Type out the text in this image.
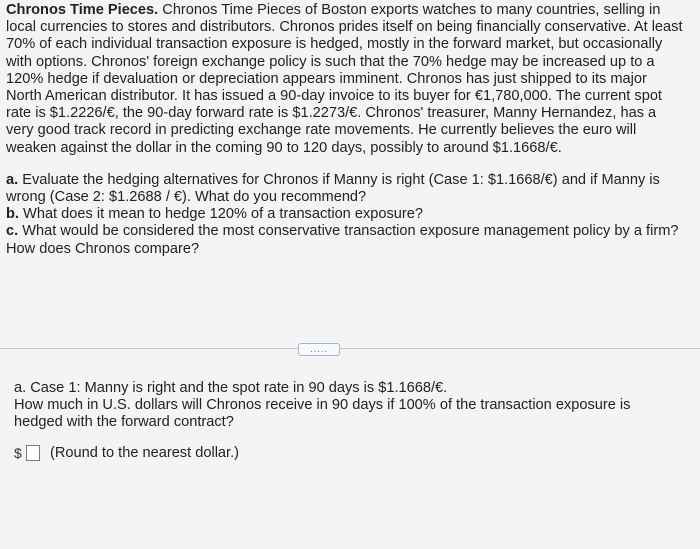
Chronos Time Pieces. Chronos Time Pieces of Boston exports watches to many countries, selling in local currencies to stores and distributors. Chronos prides itself on being financially conservative. At least 70% of each individual transaction exposure is hedged, mostly in the forward market, but occasionally with options. Chronos' foreign exchange policy is such that the 70% hedge may be increased up to a 120% hedge if devaluation or depreciation appears imminent. Chronos has just shipped to its major North American distributor. It has issued a 90-day invoice to its buyer for €1,780,000. The current spot rate is $1.2226/€, the 90-day forward rate is $1.2273/€. Chronos' treasurer, Manny Hernandez, has a very good track record in predicting exchange rate movements. He currently believes the euro will weaken against the dollar in the coming 90 to 120 days, possibly to around $1.1668/€.

a. Evaluate the hedging alternatives for Chronos if Manny is right (Case 1: $1.1668/€) and if Manny is wrong (Case 2: $1.2688 / €). What do you recommend?

b. What does it mean to hedge 120% of a transaction exposure?

c. What would be considered the most conservative transaction exposure management policy by a firm? How does Chronos compare?

.....

a. Case 1: Manny is right and the spot rate in 90 days is $1.1668/€.

How much in U.S. dollars will Chronos receive in 90 days if 100% of the transaction exposure is hedged with the forward contract?

$ (Round to the nearest dollar.)
